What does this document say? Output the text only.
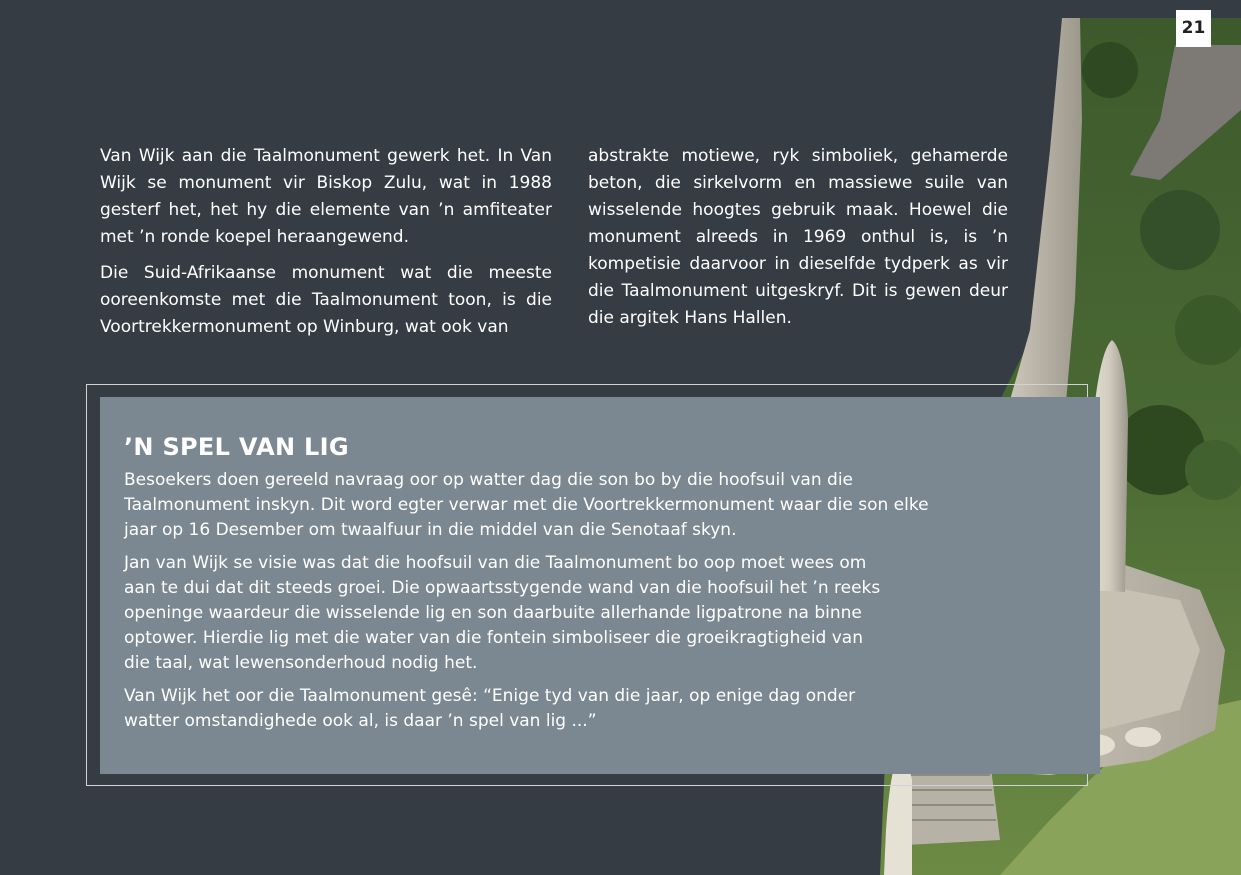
21

Van Wijk aan die Taalmonument gewerk het. In Van Wijk se monument vir Biskop Zulu, wat in 1988 gesterf het, het hy die elemente van ’n amfiteater met ’n ronde koepel heraangewend.

Die Suid-Afrikaanse monument wat die meeste ooreenkomste met die Taalmonument toon, is die Voortrekkermonument op Winburg, wat ook van

abstrakte motiewe, ryk simboliek, gehamerde beton, die sirkelvorm en massiewe suile van wisselende hoogtes gebruik maak. Hoewel die monument alreeds in 1969 onthul is, is ’n kompetisie daarvoor in dieselfde tydperk as vir die Taalmonument uitgeskryf. Dit is gewen deur die argitek Hans Hallen.

’N SPEL VAN LIG

Besoekers doen gereeld navraag oor op watter dag die son bo by die hoofsuil van die Taalmonument inskyn. Dit word egter verwar met die Voortrekkermonument waar die son elke jaar op 16 Desember om twaalfuur in die middel van die Senotaaf skyn.

Jan van Wijk se visie was dat die hoofsuil van die Taalmonument bo oop moet wees om aan te dui dat dit steeds groei. Die opwaartsstygende wand van die hoofsuil het ’n reeks openinge waardeur die wisselende lig en son daarbuite allerhande ligpatrone na binne optower. Hierdie lig met die water van die fontein simboliseer die groeikragtigheid van die taal, wat lewensonderhoud nodig het.

Van Wijk het oor die Taalmonument gesê: “Enige tyd van die jaar, op enige dag onder watter omstandighede ook al, is daar ’n spel van lig ...”
